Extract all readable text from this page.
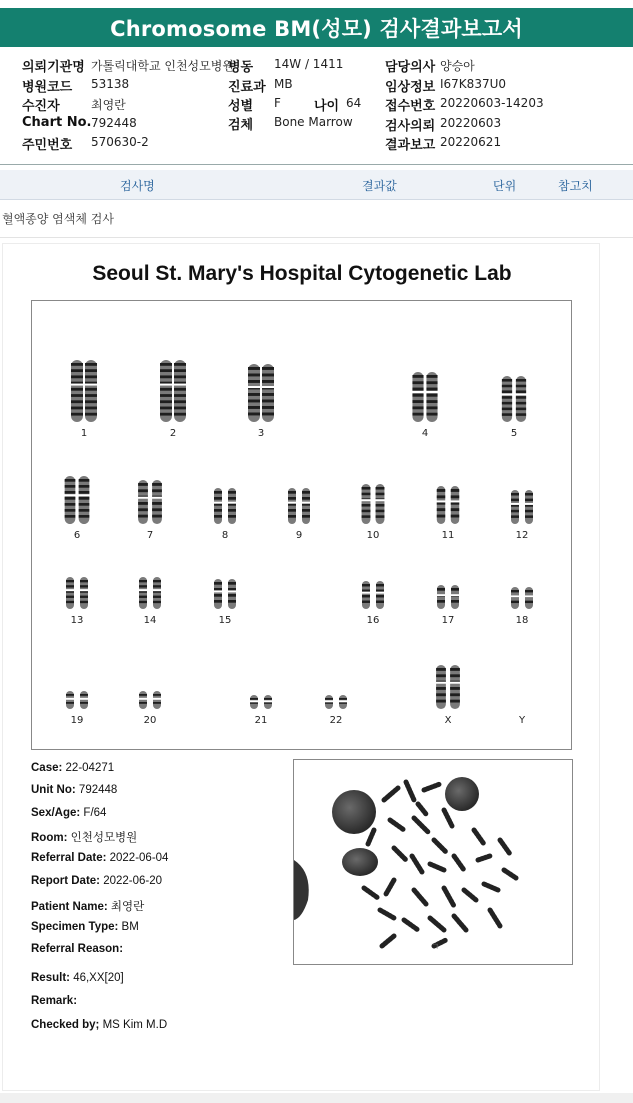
Chromosome BM(성모) 검사결과보고서
의뢰기관명 가톨릭대학교 인천성모병원
병동 14W / 1411	담당의사 양승아
병원코드 53138	진료과 MB	임상정보 I67K837U0
수진자	최영란	성별 F	나이 64 접수번호 20220603-14203
Chart No. 792448	검체 Bone Marrow 검사의뢰 20220603
주민번호 570630-2	결과보고 20220621
검사명	결과값	단위	참고치
혈액종양 염색체 검사
Seoul St. Mary's Hospital Cytogenetic Lab
1	2	3	4	5
6	7	8	9	10	11	12
13	14	15	16	17	18
19	20	21	22	X	Y
Case: 22-04271
Unit No: 792448
Sex/Age: F/64
Room: 인천성모병원
Referral Date: 2022-06-04
Report Date: 2022-06-20
Patient Name: 최영란
Specimen Type: BM
Referral Reason:
Result: 46,XX[20]
Remark:
Checked by; MS Kim M.D
ㄱ
